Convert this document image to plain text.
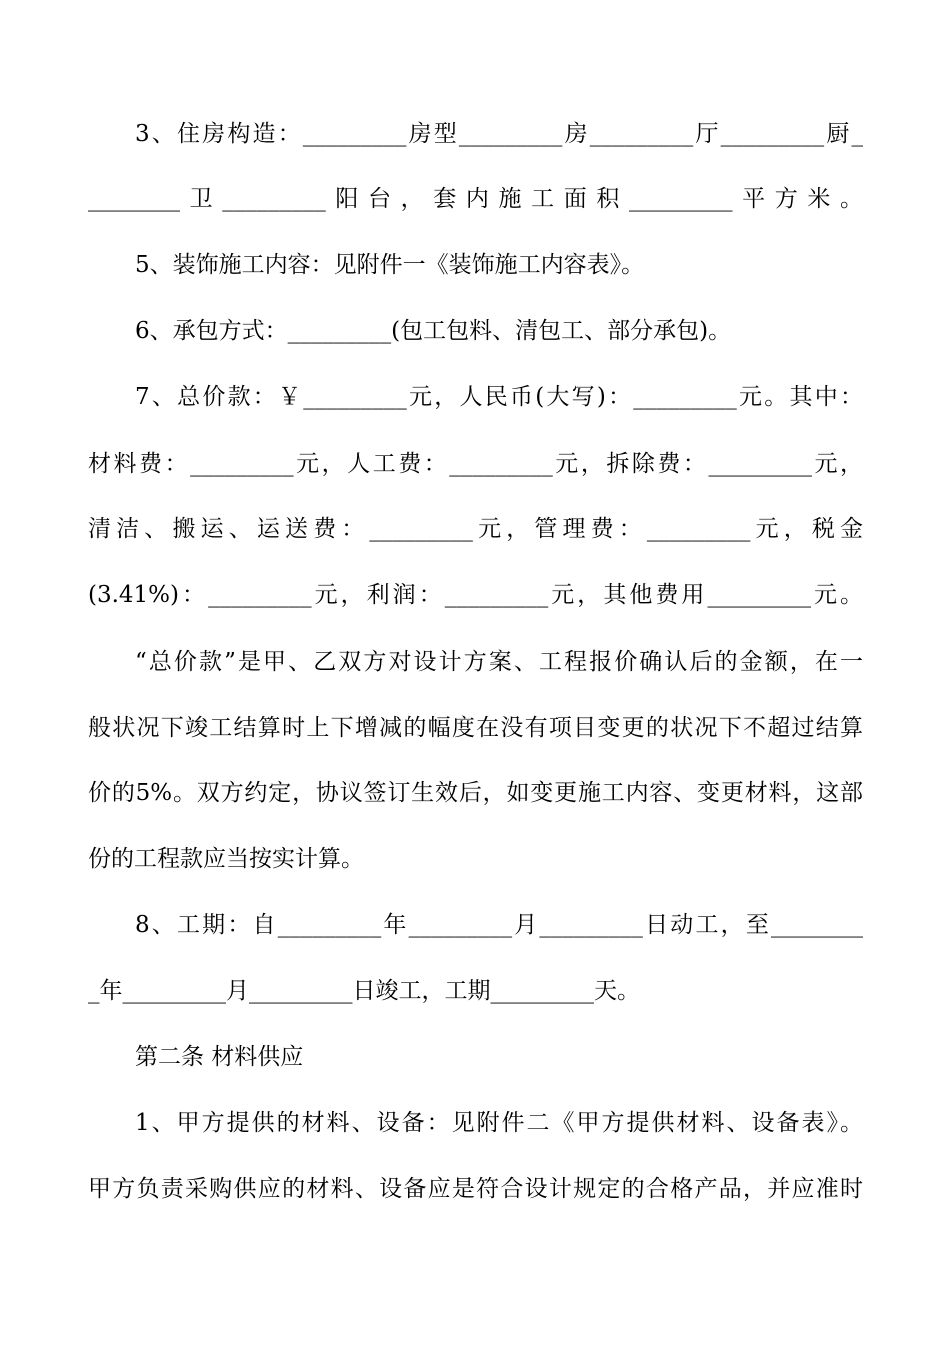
3、住房构造：_________房型_________房_________厅_________厨_
________卫_________阳台，套内施工面积_________平方米。
5、装饰施工内容：见附件一《装饰施工内容表》。
6、承包方式：_________(包工包料、清包工、部分承包)。
7、总价款：￥_________元，人民币(大写)：_________元。其中：
材料费：_________元，人工费：_________元，拆除费：_________元，
清洁、搬运、运送费：_________元，管理费：_________元，税金
(3.41%)：_________元，利润：_________元，其他费用_________元。
“总价款”是甲、乙双方对设计方案、工程报价确认后的金额，在一
般状况下竣工结算时上下增减的幅度在没有项目变更的状况下不超过结算
价的5%。双方约定，协议签订生效后，如变更施工内容、变更材料，这部
份的工程款应当按实计算。
8、工期：自_________年_________月_________日动工，至________
_年_________月_________日竣工，工期_________天。
第二条 材料供应
1、甲方提供的材料、设备：见附件二《甲方提供材料、设备表》。
甲方负责采购供应的材料、设备应是符合设计规定的合格产品，并应准时
